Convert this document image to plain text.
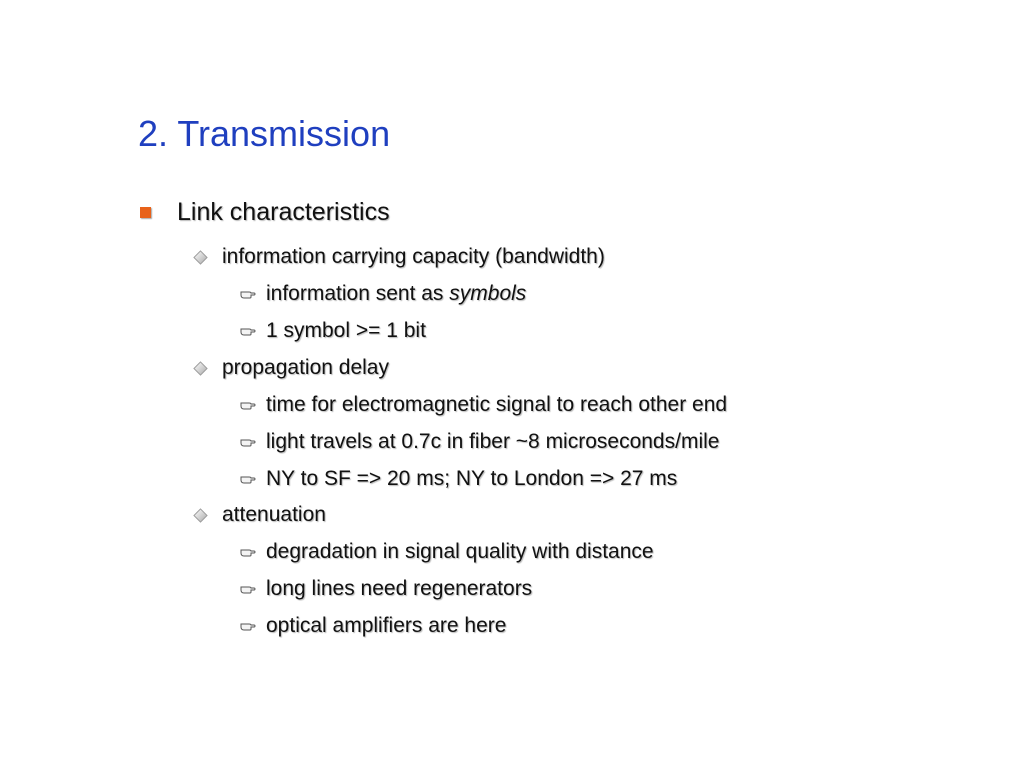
2. Transmission
Link characteristics
information carrying capacity (bandwidth)
information sent as symbols
1 symbol >= 1 bit
propagation delay
time for electromagnetic signal to reach other end
light travels at 0.7c in fiber ~8 microseconds/mile
NY to SF => 20 ms; NY to London => 27 ms
attenuation
degradation in signal quality with distance
long lines need regenerators
optical amplifiers are here
